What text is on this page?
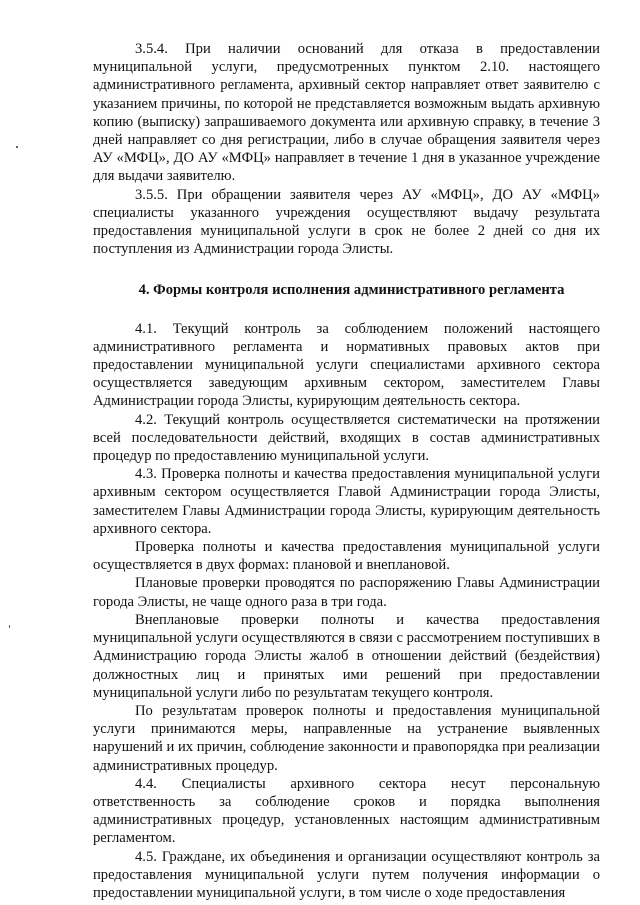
3.5.4. При наличии оснований для отказа в предоставлении муниципальной услуги, предусмотренных пунктом 2.10. настоящего административного регламента, архивный сектор направляет ответ заявителю с указанием причины, по которой не представляется возможным выдать архивную копию (выписку) запрашиваемого документа или архивную справку, в течение 3 дней направляет со дня регистрации, либо в случае обращения заявителя через АУ «МФЦ», ДО АУ «МФЦ» направляет в течение 1 дня в указанное учреждение для выдачи заявителю.

3.5.5. При обращении заявителя через АУ «МФЦ», ДО АУ «МФЦ» специалисты указанного учреждения осуществляют выдачу результата предоставления муниципальной услуги в срок не более 2 дней со дня их поступления из Администрации города Элисты.

4. Формы контроля исполнения административного регламента

4.1. Текущий контроль за соблюдением положений настоящего административного регламента и нормативных правовых актов при предоставлении муниципальной услуги специалистами архивного сектора осуществляется заведующим архивным сектором, заместителем Главы Администрации города Элисты, курирующим деятельность сектора.

4.2. Текущий контроль осуществляется систематически на протяжении всей последовательности действий, входящих в состав административных процедур по предоставлению муниципальной услуги.

4.3. Проверка полноты и качества предоставления муниципальной услуги архивным сектором осуществляется Главой Администрации города Элисты, заместителем Главы Администрации города Элисты, курирующим деятельность архивного сектора.

Проверка полноты и качества предоставления муниципальной услуги осуществляется в двух формах: плановой и внеплановой.

Плановые проверки проводятся по распоряжению Главы Администрации города Элисты, не чаще одного раза в три года.

Внеплановые проверки полноты и качества предоставления муниципальной услуги осуществляются в связи с рассмотрением поступивших в Администрацию города Элисты жалоб в отношении действий (бездействия) должностных лиц и принятых ими решений при предоставлении муниципальной услуги либо по результатам текущего контроля.

По результатам проверок полноты и предоставления муниципальной услуги принимаются меры, направленные на устранение выявленных нарушений и их причин, соблюдение законности и правопорядка при реализации административных процедур.

4.4. Специалисты архивного сектора несут персональную ответственность за соблюдение сроков и порядка выполнения административных процедур, установленных настоящим административным регламентом.

4.5. Граждане, их объединения и организации осуществляют контроль за предоставления муниципальной услуги путем получения информации о предоставлении муниципальной услуги, в том числе о ходе предоставления
